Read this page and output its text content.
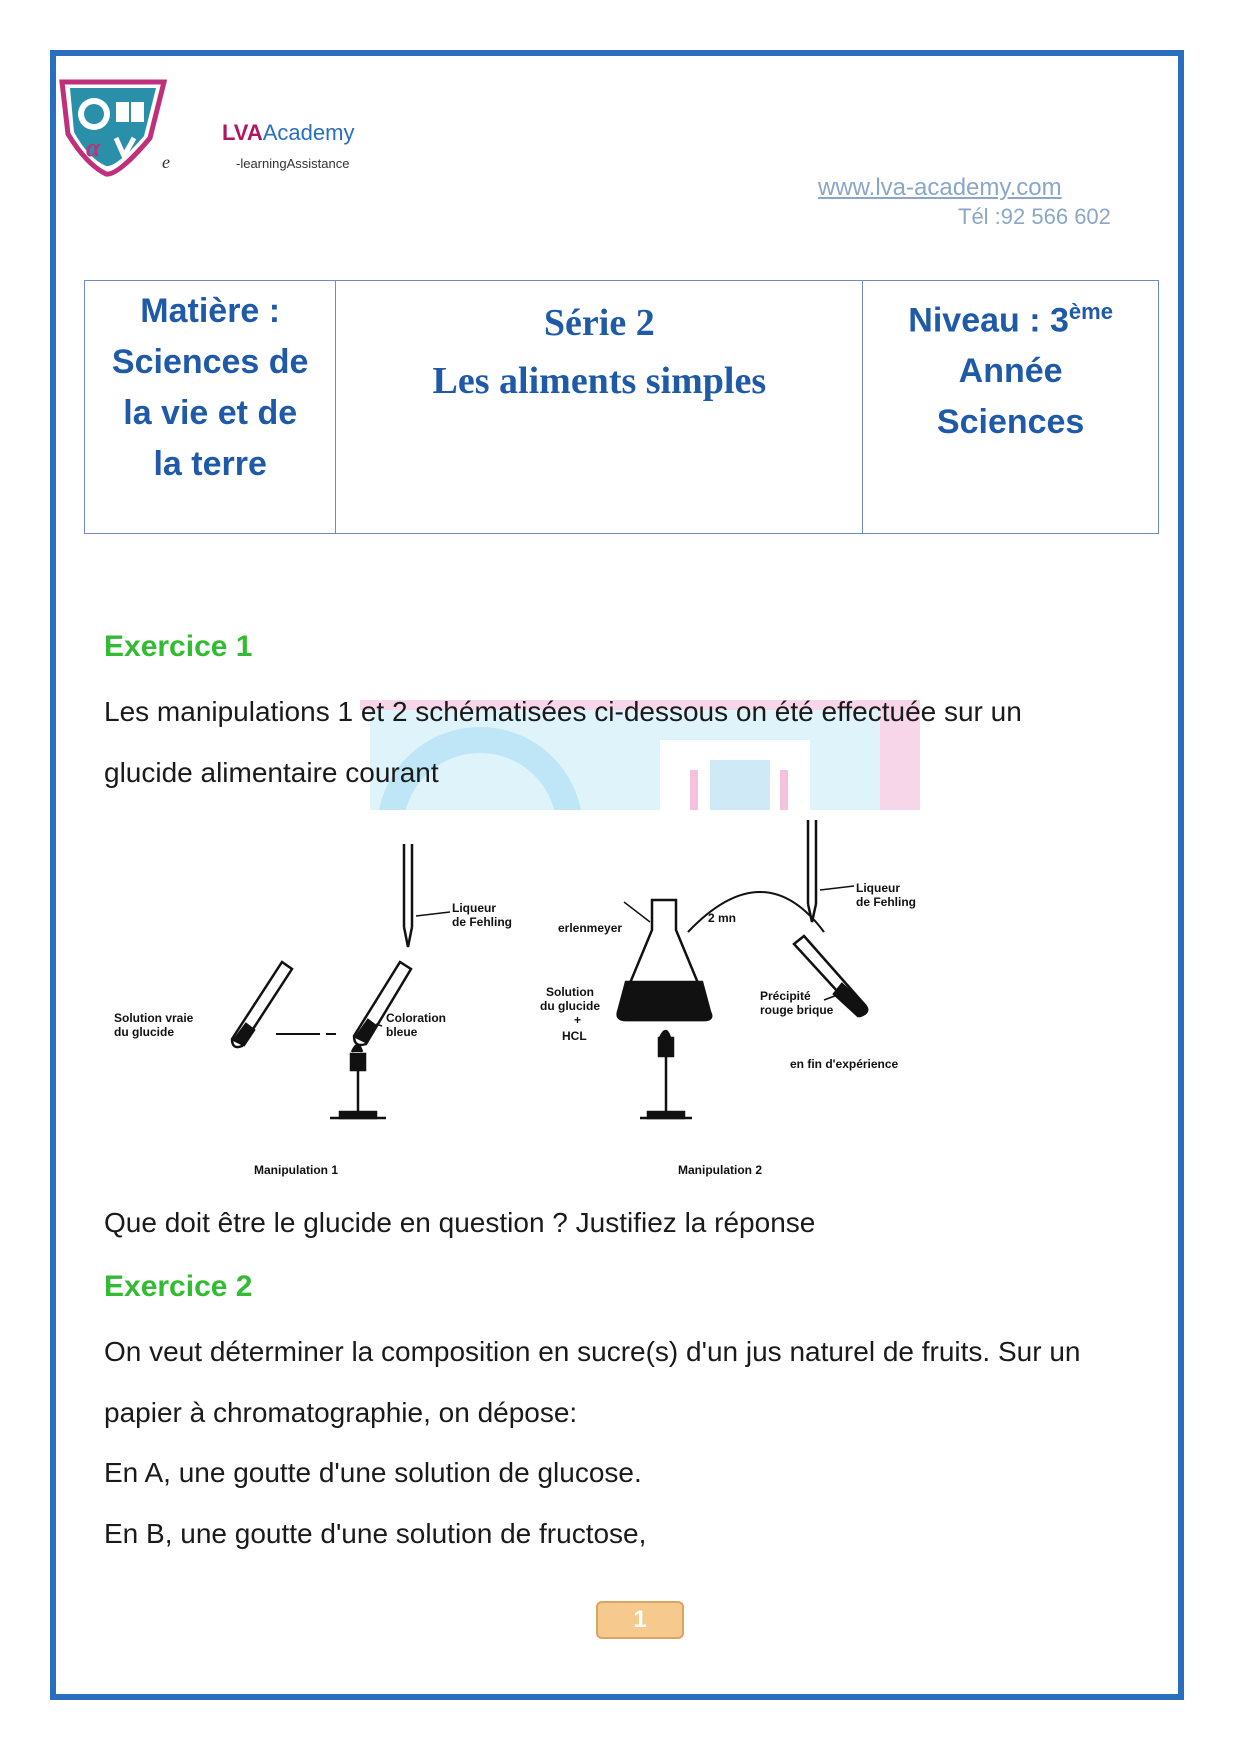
α	e
LVAAcademy
-learningAssistance
www.lva-academy.com
Tél :92 566 602
Matière :
Sciences de
la vie et de
la terre

Série 2
Les aliments simples

Niveau : 3ème
Année
Sciences
Exercice 1
Les manipulations 1 et 2 schématisées ci-dessous on été effectuée sur un
glucide alimentaire courant
Solution vraie
du glucide
Liqueur
de Fehling
Coloration
bleue
Manipulation 1
erlenmeyer
2 mn
Liqueur
de Fehling
Solution
du glucide
+
HCL
Précipité
rouge brique
en fin d'expérience
Manipulation 2
Que doit être le glucide en question ? Justifiez la réponse
Exercice 2
On veut déterminer la composition en sucre(s) d'un jus naturel de fruits. Sur un
papier à chromatographie, on dépose:
En A, une goutte d'une solution de glucose.
En B, une goutte d'une solution de fructose,
1
